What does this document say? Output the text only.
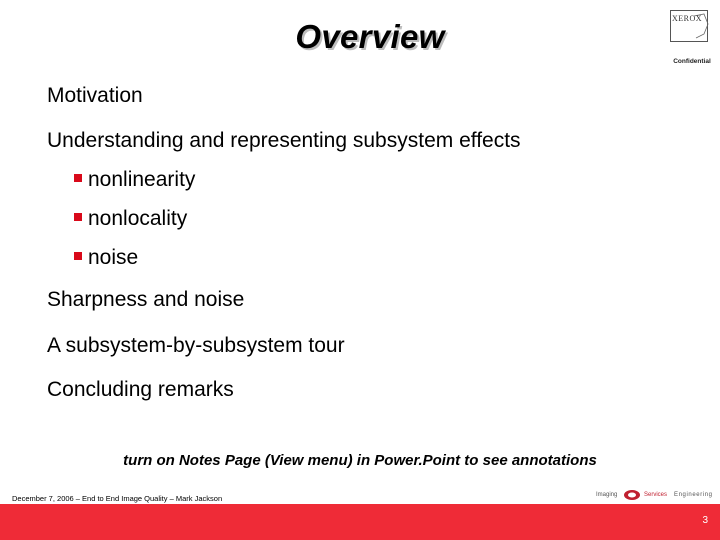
Overview	XEROX
Confidential
Motivation
Understanding and representing subsystem effects
nonlinearity
nonlocality
noise
Sharpness and noise
A subsystem-by-subsystem tour
Concluding remarks
turn on Notes Page (View menu) in Power.Point to see annotations
December 7, 2006 – End to End Image Quality – Mark Jackson	Imaging	Services Engineering
3
